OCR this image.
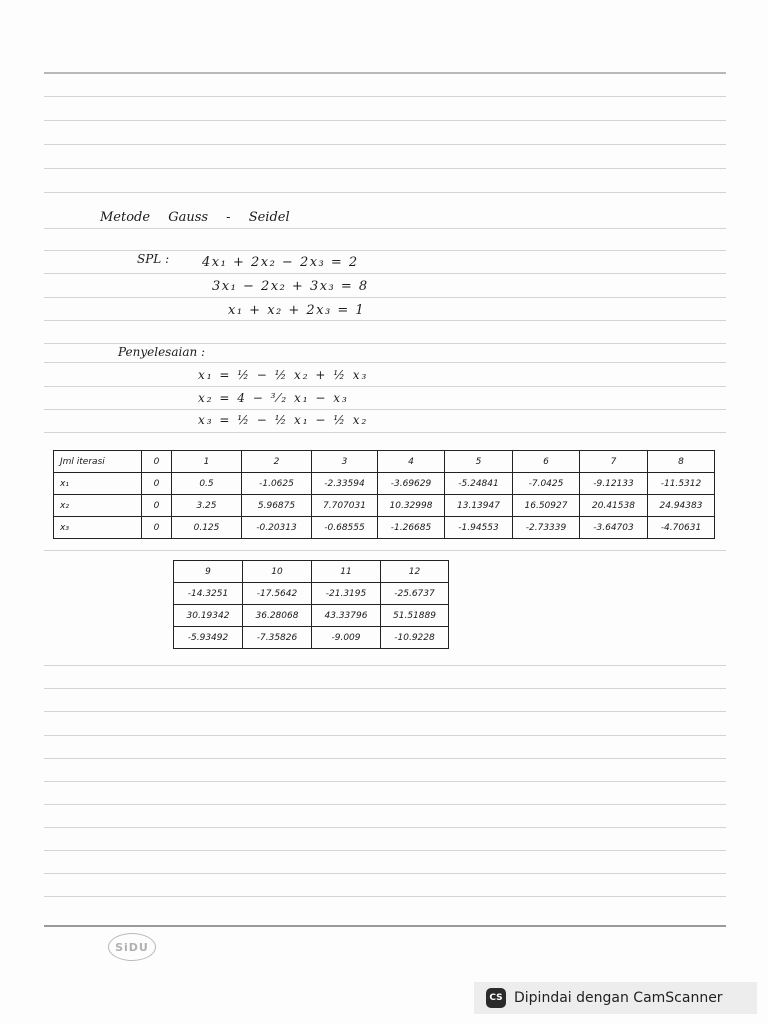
Metode Gauss - Seidel
SPL :	4x₁ + 2x₂ − 2x₃ = 2
3x₁ − 2x₂ + 3x₃ = 8
x₁ + x₂ + 2x₃ = 1
Penyelesaian :
x₁ = ½ − ½ x₂ + ½ x₃
x₂ = 4 − ³⁄₂ x₁ − x₃
x₃ = ½ − ½ x₁ − ½ x₂
Jml iterasi	0	1	2	3	4	5	6	7	8
x₁	0	0.5	-1.0625	-2.33594	-3.69629	-5.24841	-7.0425	-9.12133	-11.5312
x₂	0	3.25	5.96875	7.707031	10.32998	13.13947	16.50927	20.41538	24.94383
x₃	0	0.125	-0.20313	-0.68555	-1.26685	-1.94553	-2.73339	-3.64703	-4.70631
9	10	11	12
-14.3251	-17.5642	-21.3195	-25.6737
30.19342	36.28068	43.33796	51.51889
-5.93492	-7.35826	-9.009	-10.9228
SiDU
CS Dipindai dengan CamScanner
